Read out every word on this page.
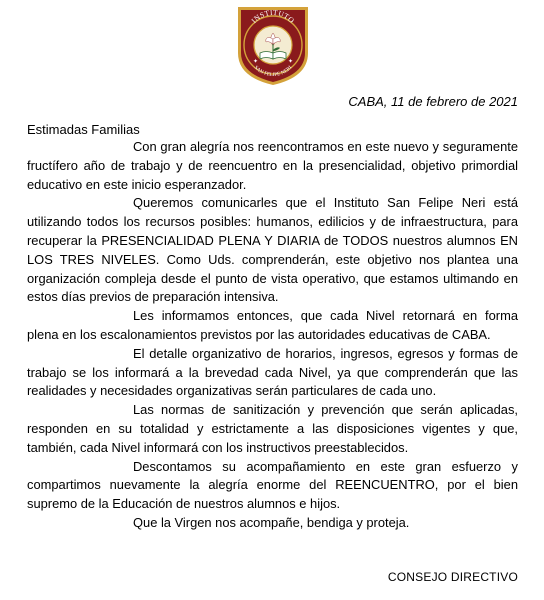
INSTITUTO
SAN FELIPE NERI
✦	✦
CABA, 11 de febrero de 2021
Estimadas Familias

Con gran alegría nos reencontramos en este nuevo y seguramente fructífero año de trabajo y de reencuentro en la presencialidad, objetivo primordial educativo en este inicio esperanzador.

Queremos comunicarles que el Instituto San Felipe Neri está utilizando todos los recursos posibles: humanos, edilicios y de infraestructura, para recuperar la PRESENCIALIDAD PLENA Y DIARIA de TODOS nuestros alumnos EN LOS TRES NIVELES. Como Uds. comprenderán, este objetivo nos plantea una organización compleja desde el punto de vista operativo, que estamos ultimando en estos días previos de preparación intensiva.

Les informamos entonces, que cada Nivel retornará en forma plena en los escalonamientos previstos por las autoridades educativas de CABA.

El detalle organizativo de horarios, ingresos, egresos y formas de trabajo se los informará a la brevedad cada Nivel, ya que comprenderán que las realidades y necesidades organizativas serán particulares de cada uno.

Las normas de sanitización y prevención que serán aplicadas, responden en su totalidad y estrictamente a las disposiciones vigentes y que, también, cada Nivel informará con los instructivos preestablecidos.

Descontamos su acompañamiento en este gran esfuerzo y compartimos nuevamente la alegría enorme del REENCUENTRO, por el bien supremo de la Educación de nuestros alumnos e hijos.

Que la Virgen nos acompañe, bendiga y proteja.

CONSEJO DIRECTIVO
